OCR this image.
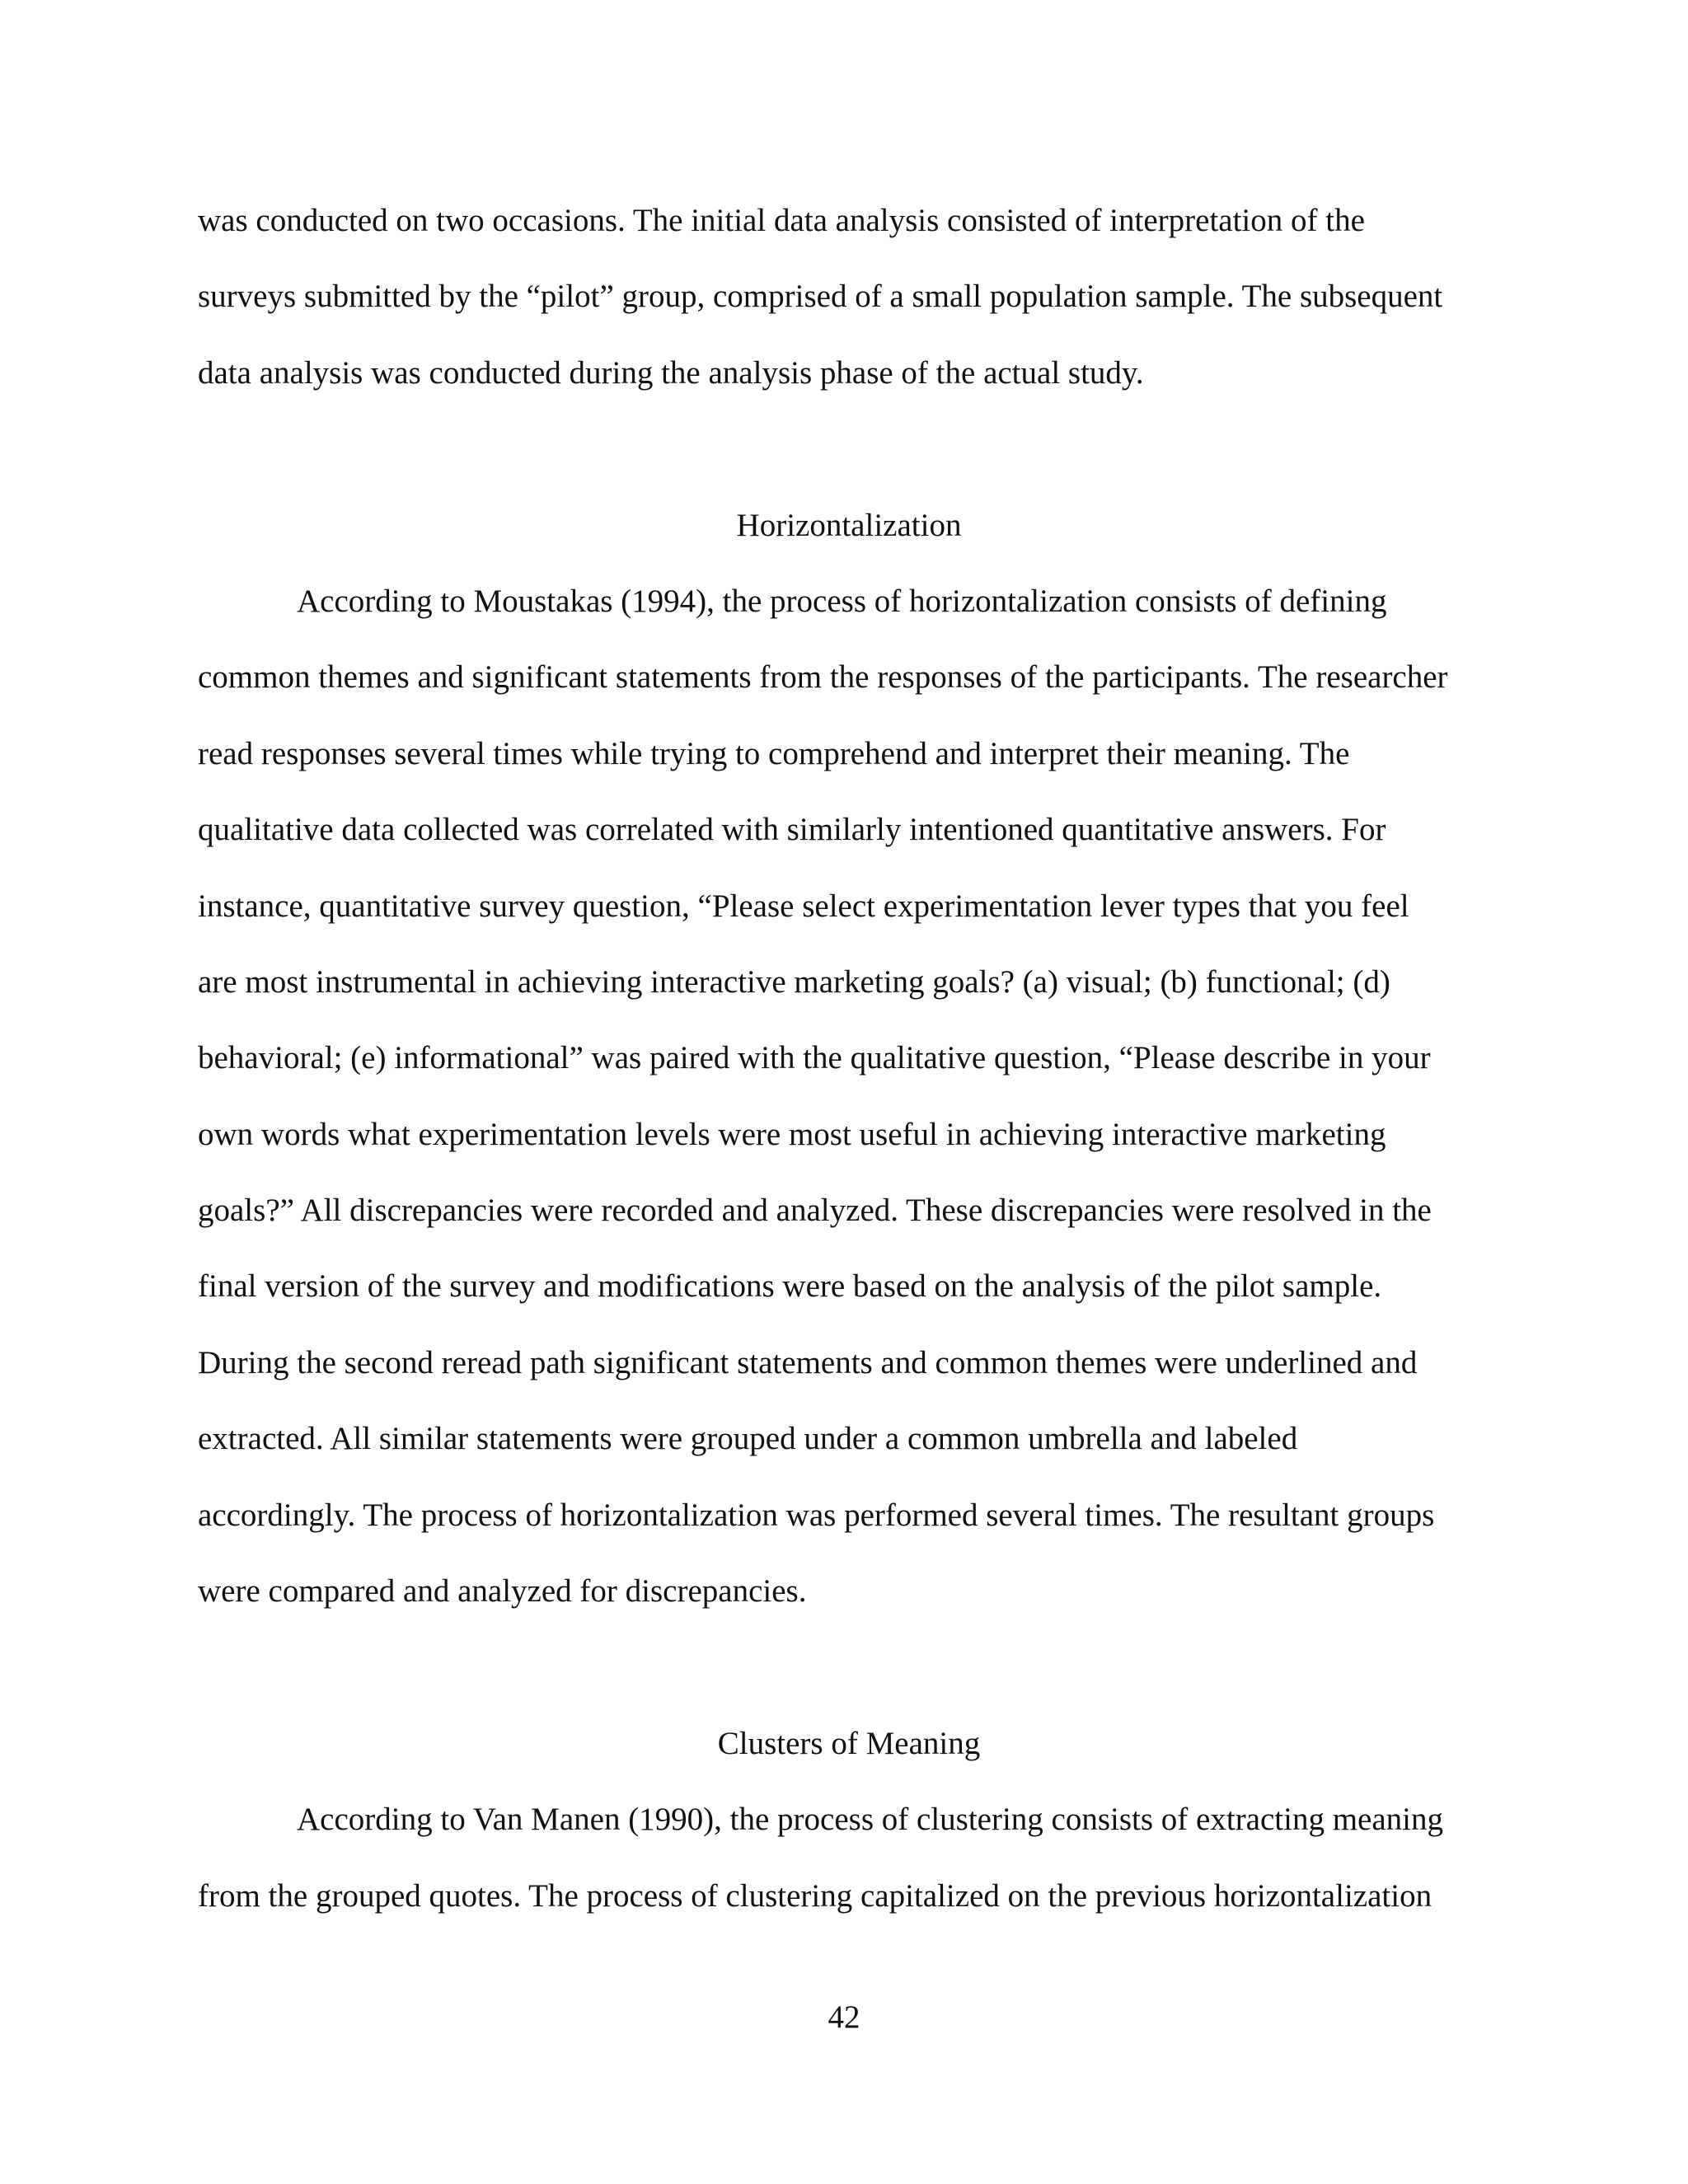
was conducted on two occasions. The initial data analysis consisted of interpretation of the
surveys submitted by the “pilot” group, comprised of a small population sample. The subsequent
data analysis was conducted during the analysis phase of the actual study.
Horizontalization
According to Moustakas (1994), the process of horizontalization consists of defining
common themes and significant statements from the responses of the participants. The researcher
read responses several times while trying to comprehend and interpret their meaning. The
qualitative data collected was correlated with similarly intentioned quantitative answers. For
instance, quantitative survey question, “Please select experimentation lever types that you feel
are most instrumental in achieving interactive marketing goals? (a) visual; (b) functional; (d)
behavioral; (e) informational” was paired with the qualitative question, “Please describe in your
own words what experimentation levels were most useful in achieving interactive marketing
goals?” All discrepancies were recorded and analyzed. These discrepancies were resolved in the
final version of the survey and modifications were based on the analysis of the pilot sample.
During the second reread path significant statements and common themes were underlined and
extracted. All similar statements were grouped under a common umbrella and labeled
accordingly. The process of horizontalization was performed several times. The resultant groups
were compared and analyzed for discrepancies.
Clusters of Meaning
According to Van Manen (1990), the process of clustering consists of extracting meaning
from the grouped quotes. The process of clustering capitalized on the previous horizontalization
42
